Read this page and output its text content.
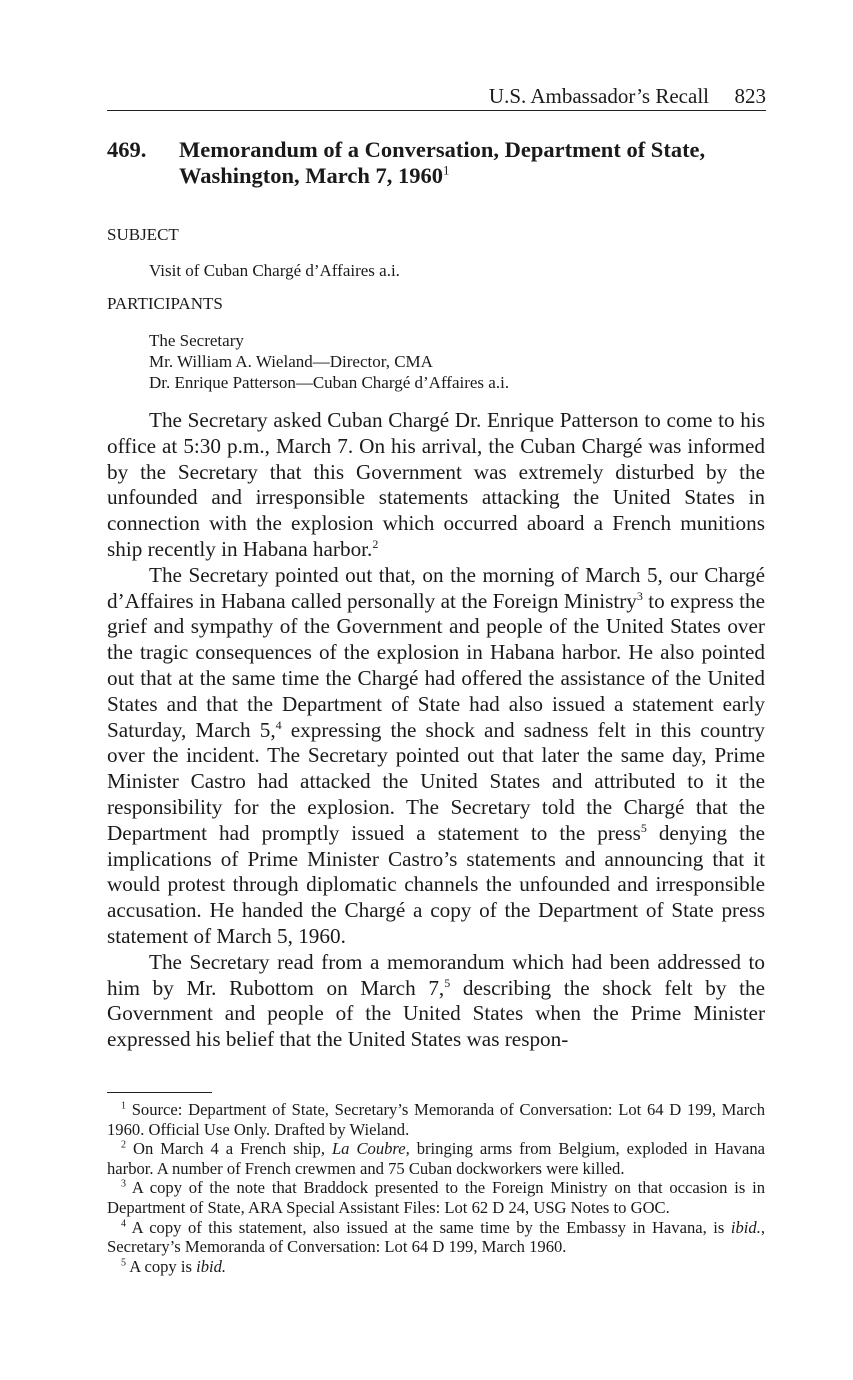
U.S. Ambassador’s Recall 823
469. Memorandum of a Conversation, Department of State, Washington, March 7, 1960$^1$
SUBJECT
Visit of Cuban Chargé d’Affaires a.i.
PARTICIPANTS
The Secretary
Mr. William A. Wieland—Director, CMA
Dr. Enrique Patterson—Cuban Chargé d’Affaires a.i.

The Secretary asked Cuban Chargé Dr. Enrique Patterson to come to his office at 5:30 p.m., March 7. On his arrival, the Cuban Chargé was informed by the Secretary that this Government was extremely disturbed by the unfounded and irresponsible statements attacking the United States in connection with the explosion which occurred aboard a French munitions ship recently in Habana harbor.$^2$

The Secretary pointed out that, on the morning of March 5, our Chargé d’Affaires in Habana called personally at the Foreign Ministry$^3$ to express the grief and sympathy of the Government and people of the United States over the tragic consequences of the explosion in Habana harbor. He also pointed out that at the same time the Chargé had offered the assistance of the United States and that the Department of State had also issued a statement early Saturday, March 5,$^4$ expressing the shock and sadness felt in this country over the incident. The Secretary pointed out that later the same day, Prime Minister Castro had attacked the United States and attributed to it the responsibility for the explosion. The Secretary told the Chargé that the Department had promptly issued a statement to the press$^5$ denying the implications of Prime Minister Castro’s statements and announcing that it would protest through diplomatic channels the unfounded and irresponsible accusation. He handed the Chargé a copy of the Department of State press statement of March 5, 1960.

The Secretary read from a memorandum which had been addressed to him by Mr. Rubottom on March 7,$^5$ describing the shock felt by the Government and people of the United States when the Prime Minister expressed his belief that the United States was respon-

$^1$ Source: Department of State, Secretary’s Memoranda of Conversation: Lot 64 D 199, March 1960. Official Use Only. Drafted by Wieland.

$^2$ On March 4 a French ship, La Coubre, bringing arms from Belgium, exploded in Havana harbor. A number of French crewmen and 75 Cuban dockworkers were killed.

$^3$ A copy of the note that Braddock presented to the Foreign Ministry on that occasion is in Department of State, ARA Special Assistant Files: Lot 62 D 24, USG Notes to GOC.

$^4$ A copy of this statement, also issued at the same time by the Embassy in Havana, is ibid., Secretary’s Memoranda of Conversation: Lot 64 D 199, March 1960.

$^5$ A copy is ibid.
